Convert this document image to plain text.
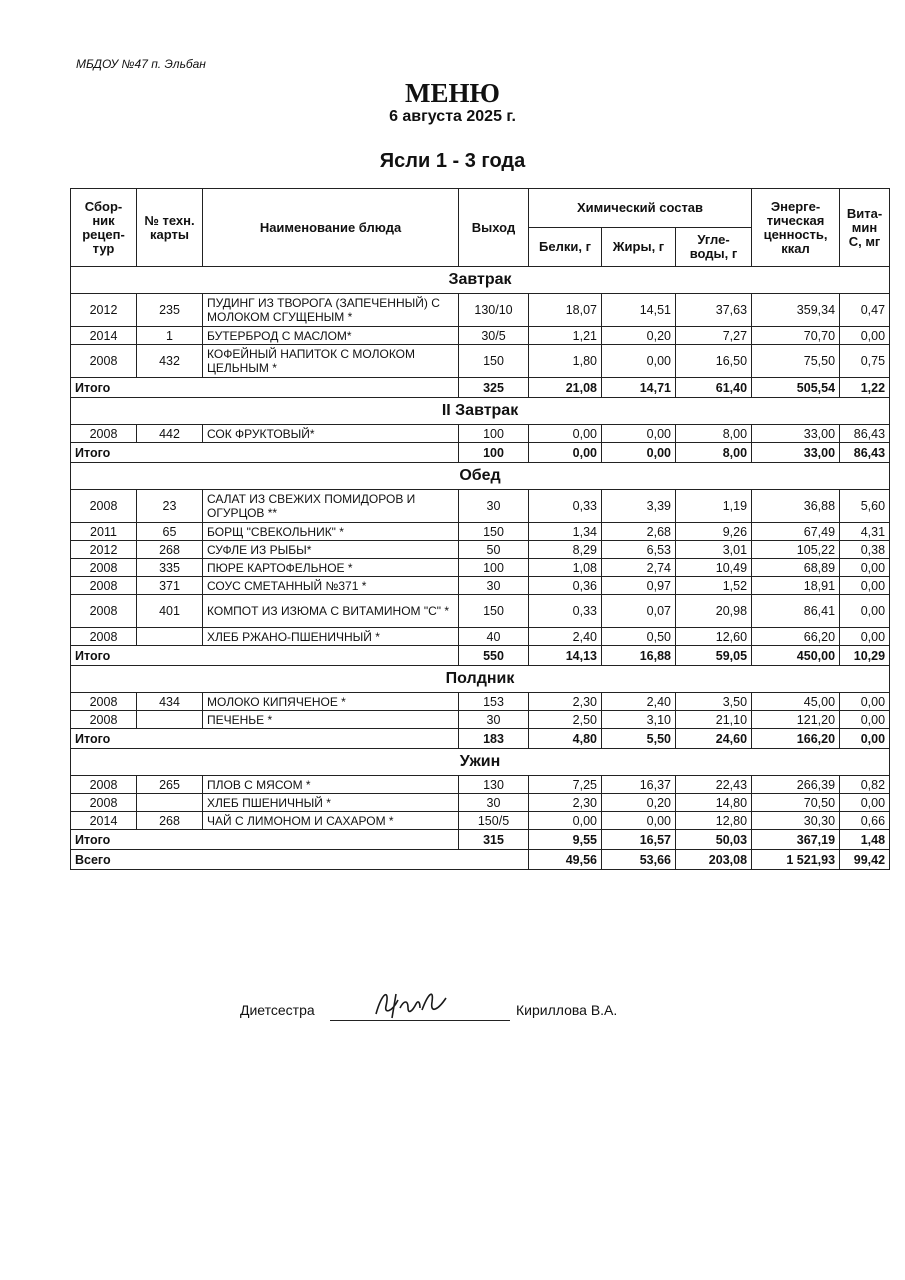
МБДОУ №47 п. Эльбан
МЕНЮ
6 августа 2025 г.
Ясли 1 - 3 года
Сбор-ник рецеп-тур	№ техн. карты	Наименование блюда	Выход	Химический состав			Энерге-тическая ценность, ккал	Вита-мин С, мг
				Белки, г	Жиры, г	Угле-воды, г		
Завтрак								
2012	235	ПУДИНГ ИЗ ТВОРОГА (ЗАПЕЧЕННЫЙ) С МОЛОКОМ СГУЩЕНЫМ *	130/10	18,07	14,51	37,63	359,34	0,47
2014	1	БУТЕРБРОД С МАСЛОМ*	30/5	1,21	0,20	7,27	70,70	0,00
2008	432	КОФЕЙНЫЙ НАПИТОК С МОЛОКОМ ЦЕЛЬНЫМ *	150	1,80	0,00	16,50	75,50	0,75
Итого			325	21,08	14,71	61,40	505,54	1,22
II Завтрак								
2008	442	СОК ФРУКТОВЫЙ*	100	0,00	0,00	8,00	33,00	86,43
Итого			100	0,00	0,00	8,00	33,00	86,43
Обед								
2008	23	САЛАТ ИЗ СВЕЖИХ ПОМИДОРОВ И ОГУРЦОВ **	30	0,33	3,39	1,19	36,88	5,60
2011	65	БОРЩ "СВЕКОЛЬНИК" *	150	1,34	2,68	9,26	67,49	4,31
2012	268	СУФЛЕ ИЗ РЫБЫ*	50	8,29	6,53	3,01	105,22	0,38
2008	335	ПЮРЕ КАРТОФЕЛЬНОЕ *	100	1,08	2,74	10,49	68,89	0,00
2008	371	СОУС СМЕТАННЫЙ №371 *	30	0,36	0,97	1,52	18,91	0,00
2008	401	КОМПОТ ИЗ ИЗЮМА С ВИТАМИНОМ "С" *	150	0,33	0,07	20,98	86,41	0,00
2008		ХЛЕБ РЖАНО-ПШЕНИЧНЫЙ *	40	2,40	0,50	12,60	66,20	0,00
Итого			550	14,13	16,88	59,05	450,00	10,29
Полдник								
2008	434	МОЛОКО КИПЯЧЕНОЕ *	153	2,30	2,40	3,50	45,00	0,00
2008		ПЕЧЕНЬЕ *	30	2,50	3,10	21,10	121,20	0,00
Итого			183	4,80	5,50	24,60	166,20	0,00
Ужин								
2008	265	ПЛОВ С МЯСОМ *	130	7,25	16,37	22,43	266,39	0,82
2008		ХЛЕБ ПШЕНИЧНЫЙ *	30	2,30	0,20	14,80	70,50	0,00
2014	268	ЧАЙ С ЛИМОНОМ И САХАРОМ *	150/5	0,00	0,00	12,80	30,30	0,66
Итого			315	9,55	16,57	50,03	367,19	1,48
Всего				49,56	53,66	203,08	1 521,93	99,42
Диетсестра	Кириллова В.А.
